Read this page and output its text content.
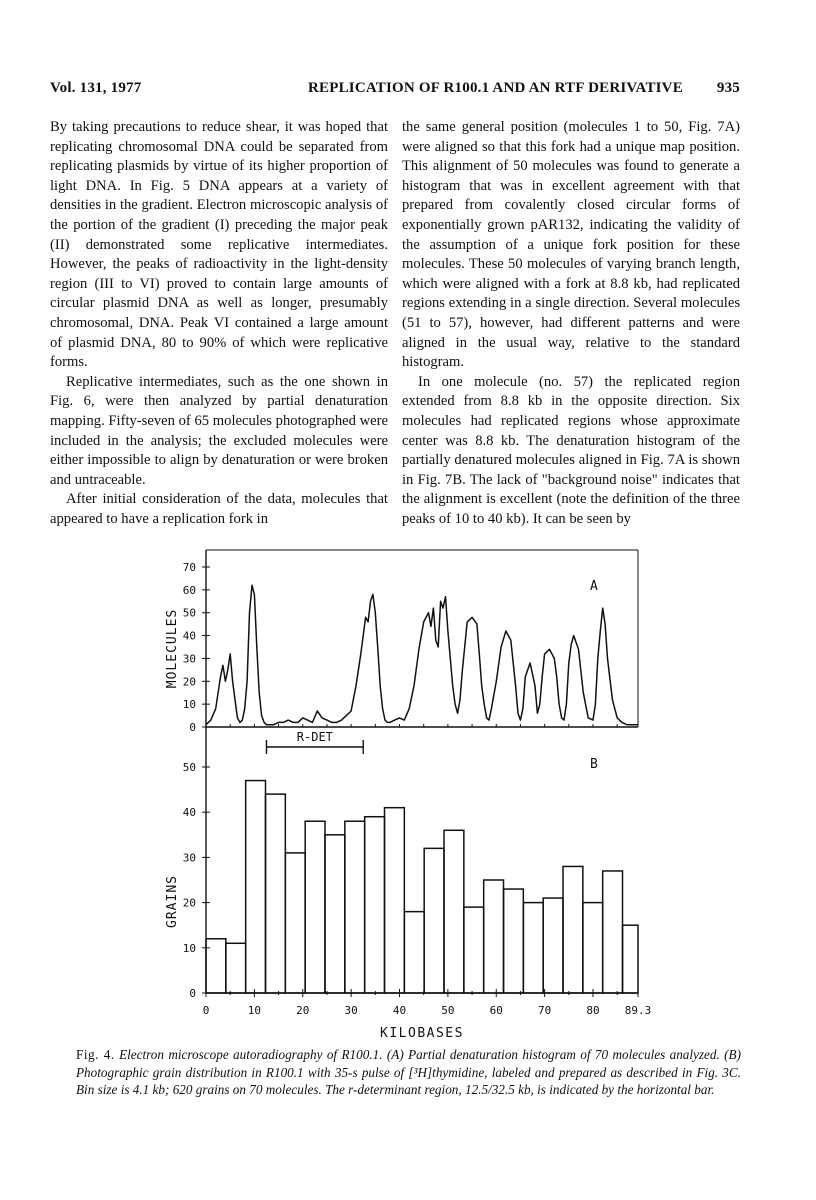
Vol. 131, 1977	REPLICATION OF R100.1 AND AN RTF DERIVATIVE 935

By taking precautions to reduce shear, it was hoped that replicating chromosomal DNA could be separated from replicating plasmids by virtue of its higher proportion of light DNA. In Fig. 5 DNA appears at a variety of densities in the gradient. Electron microscopic analysis of the portion of the gradient (I) preceding the major peak (II) demonstrated some replicative intermediates. However, the peaks of radioactivity in the light-density region (III to VI) proved to contain large amounts of circular plasmid DNA as well as longer, presumably chromosomal, DNA. Peak VI contained a large amount of plasmid DNA, 80 to 90% of which were replicative forms.

Replicative intermediates, such as the one shown in Fig. 6, were then analyzed by partial denaturation mapping. Fifty-seven of 65 molecules photographed were included in the analysis; the excluded molecules were either impossible to align by denaturation or were broken and untraceable.

After initial consideration of the data, molecules that appeared to have a replication fork in

the same general position (molecules 1 to 50, Fig. 7A) were aligned so that this fork had a unique map position. This alignment of 50 molecules was found to generate a histogram that was in excellent agreement with that prepared from covalently closed circular forms of exponentially grown pAR132, indicating the validity of the assumption of a unique fork position for these molecules. These 50 molecules of varying branch length, which were aligned with a fork at 8.8 kb, had replicated regions extending in a single direction. Several molecules (51 to 57), however, had different patterns and were aligned in the usual way, relative to the standard histogram.

In one molecule (no. 57) the replicated region extended from 8.8 kb in the opposite direction. Six molecules had replicated regions whose approximate center was 8.8 kb. The denaturation histogram of the partially denatured molecules aligned in Fig. 7A is shown in Fig. 7B. The lack of "background noise" indicates that the alignment is excellent (note the definition of the three peaks of 10 to 40 kb). It can be seen by

0
10
20
30
40
50
60
70
A
MOLECULES
0
10
20
30
40
50
R-DET
B
GRAINS
0	10	20	30	40	50	60	70	80 89.3
KILOBASES
Fig. 4. Electron microscope autoradiography of R100.1. (A) Partial denaturation histogram of 70 molecules analyzed. (B) Photographic grain distribution in R100.1 with 35-s pulse of [³H]thymidine, labeled and prepared as described in Fig. 3C. Bin size is 4.1 kb; 620 grains on 70 molecules. The r-determinant region, 12.5/32.5 kb, is indicated by the horizontal bar.
